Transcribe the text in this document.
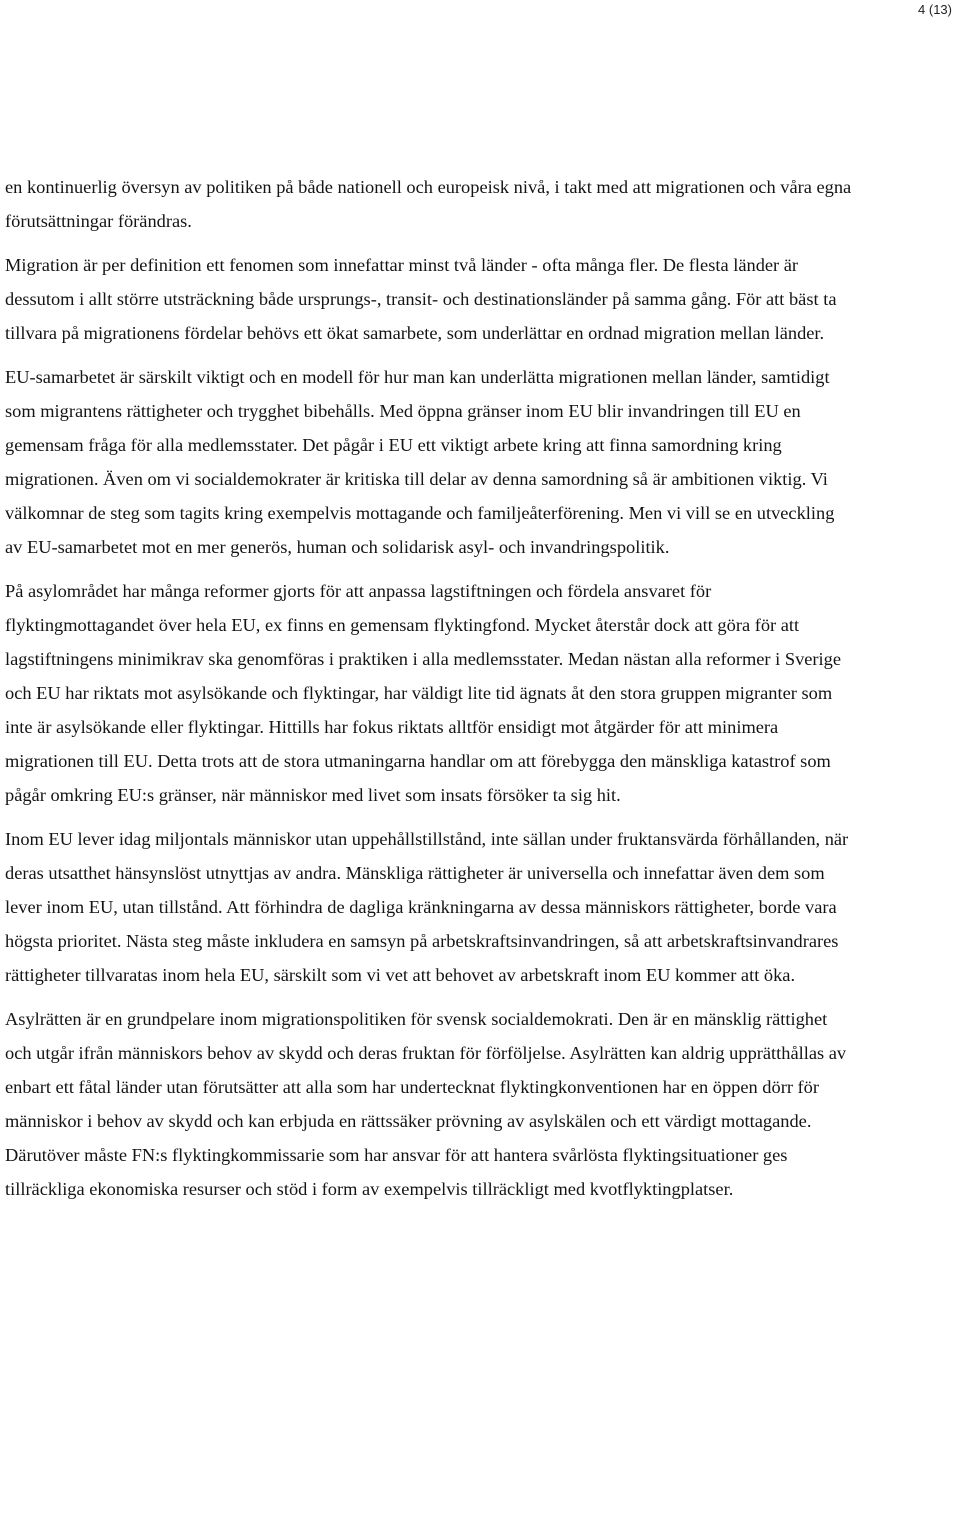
4 (13)

en kontinuerlig översyn av politiken på både nationell och europeisk nivå, i takt med att migrationen och våra egna förutsättningar förändras.

Migration är per definition ett fenomen som innefattar minst två länder - ofta många fler. De flesta länder är dessutom i allt större utsträckning både ursprungs-, transit- och destinationsländer på samma gång. För att bäst ta tillvara på migrationens fördelar behövs ett ökat samarbete, som underlättar en ordnad migration mellan länder.

EU-samarbetet är särskilt viktigt och en modell för hur man kan underlätta migrationen mellan länder, samtidigt som migrantens rättigheter och trygghet bibehålls. Med öppna gränser inom EU blir invandringen till EU en gemensam fråga för alla medlemsstater. Det pågår i EU ett viktigt arbete kring att finna samordning kring migrationen. Även om vi socialdemokrater är kritiska till delar av denna samordning så är ambitionen viktig. Vi välkomnar de steg som tagits kring exempelvis mottagande och familjeåterförening. Men vi vill se en utveckling av EU-samarbetet mot en mer generös, human och solidarisk asyl- och invandringspolitik.

På asylområdet har många reformer gjorts för att anpassa lagstiftningen och fördela ansvaret för flyktingmottagandet över hela EU, ex finns en gemensam flyktingfond. Mycket återstår dock att göra för att lagstiftningens minimikrav ska genomföras i praktiken i alla medlemsstater. Medan nästan alla reformer i Sverige och EU har riktats mot asylsökande och flyktingar, har väldigt lite tid ägnats åt den stora gruppen migranter som inte är asylsökande eller flyktingar. Hittills har fokus riktats alltför ensidigt mot åtgärder för att minimera migrationen till EU. Detta trots att de stora utmaningarna handlar om att förebygga den mänskliga katastrof som pågår omkring EU:s gränser, när människor med livet som insats försöker ta sig hit.

Inom EU lever idag miljontals människor utan uppehållstillstånd, inte sällan under fruktansvärda förhållanden, när deras utsatthet hänsynslöst utnyttjas av andra. Mänskliga rättigheter är universella och innefattar även dem som lever inom EU, utan tillstånd. Att förhindra de dagliga kränkningarna av dessa människors rättigheter, borde vara högsta prioritet. Nästa steg måste inkludera en samsyn på arbetskraftsinvandringen, så att arbetskraftsinvandrares rättigheter tillvaratas inom hela EU, särskilt som vi vet att behovet av arbetskraft inom EU kommer att öka.

Asylrätten är en grundpelare inom migrationspolitiken för svensk socialdemokrati. Den är en mänsklig rättighet och utgår ifrån människors behov av skydd och deras fruktan för förföljelse. Asylrätten kan aldrig upprätthållas av enbart ett fåtal länder utan förutsätter att alla som har undertecknat flyktingkonventionen har en öppen dörr för människor i behov av skydd och kan erbjuda en rättssäker prövning av asylskälen och ett värdigt mottagande. Därutöver måste FN:s flyktingkommissarie som har ansvar för att hantera svårlösta flyktingsituationer ges tillräckliga ekonomiska resurser och stöd i form av exempelvis tillräckligt med kvotflyktingplatser.
